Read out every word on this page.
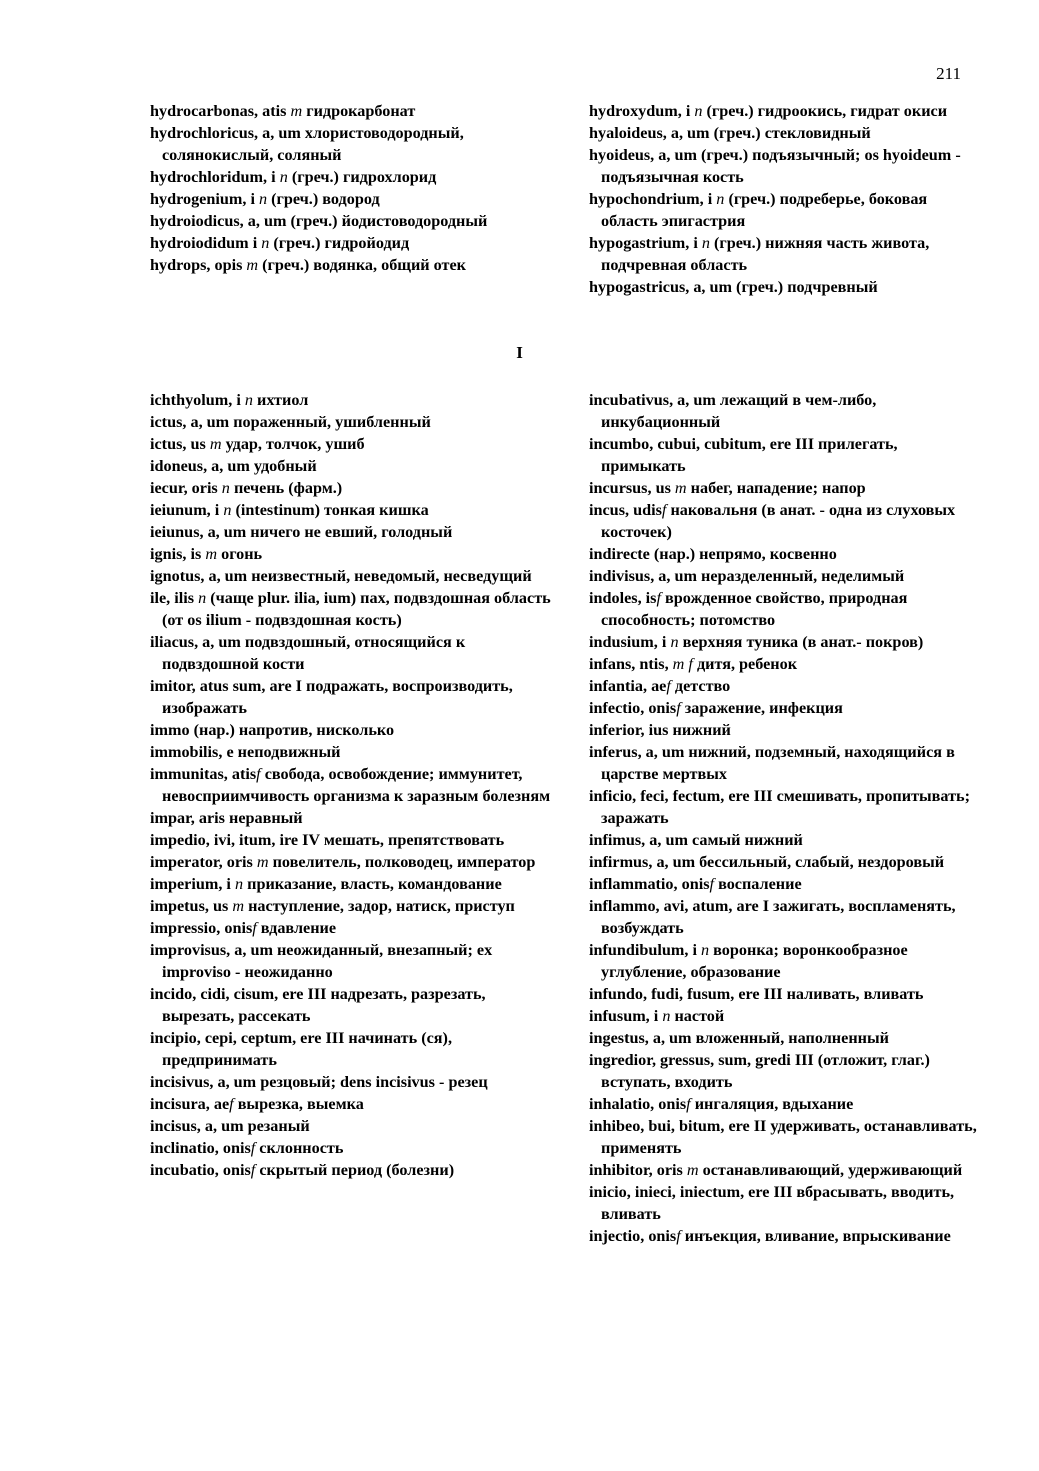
211

hydrocarbonas, atis m гидрокарбонат

hydrochloricus, a, um хлористоводородный, солянокислый, соляный

hydrochloridum, i n (греч.) гидрохлорид

hydrogenium, i n (греч.) водород

hydroiodicus, a, um (греч.) йодистоводородный

hydroiodidum i n (греч.) гидройодид

hydrops, opis m (греч.) водянка, общий отек

hydroxydum, i n (греч.) гидроокись, гидрат окиси

hyaloideus, a, um (греч.) стекловидный

hyoideus, a, um (греч.) подъязычный; os hyoideum - подъязычная кость

hypochondrium, i n (греч.) подреберье, боковая область эпигастрия

hypogastrium, i n (греч.) нижняя часть живота, подчревная область

hypogastricus, a, um (греч.) подчревный

I

ichthyolum, i n ихтиол

ictus, a, um пораженный, ушибленный

ictus, us m удар, толчок, ушиб

idoneus, a, um удобный

iecur, oris n печень (фарм.)

ieiunum, i n (intestinum) тонкая кишка

ieiunus, a, um ничего не евший, голодный

ignis, is m огонь

ignotus, a, um неизвестный, неведомый, несведущий

ile, ilis n (чаще plur. ilia, ium) пах, подвздошная область (от os ilium - подвздошная кость)

iliacus, a, um подвздошный, относящийся к подвздошной кости

imitor, atus sum, are I подражать, воспроизводить, изображать

immo (нар.) напротив, нисколько

immobilis, e неподвижный

immunitas, atisf свобода, освобождение; иммунитет, невосприимчивость организма к заразным болезням

impar, aris неравный

impedio, ivi, itum, ire IV мешать, препятствовать

imperator, oris m повелитель, полководец, император

imperium, i n приказание, власть, командование

impetus, us m наступление, задор, натиск, приступ

impressio, onisf вдавление

improvisus, a, um неожиданный, внезапный; ex improviso - неожиданно

incido, cidi, cisum, ere III надрезать, разрезать, вырезать, рассекать

incipio, cepi, ceptum, ere III начинать (ся), предпринимать

incisivus, a, um резцовый; dens incisivus - резец

incisura, aef вырезка, выемка

incisus, a, um резаный

inclinatio, onisf склонность

incubatio, onisf скрытый период (болезни)

incubativus, a, um лежащий в чем-либо, инкубационный

incumbo, cubui, cubitum, ere III прилегать, примыкать

incursus, us m набег, нападение; напор

incus, udisf наковальня (в анат. - одна из слуховых косточек)

indirecte (нар.) непрямо, косвенно

indivisus, a, um неразделенный, неделимый

indoles, isf врожденное свойство, природная способность; потомство

indusium, i n верхняя туника (в анат.- покров)

infans, ntis, m f дитя, ребенок

infantia, aef детство

infectio, onisf заражение, инфекция

inferior, ius нижний

inferus, a, um нижний, подземный, находящийся в царстве мертвых

inficio, feci, fectum, ere III смешивать, пропитывать; заражать

infimus, a, um самый нижний

infirmus, a, um бессильный, слабый, нездоровый

inflammatio, onisf воспаление

inflammo, avi, atum, are I зажигать, воспламенять, возбуждать

infundibulum, i n воронка; воронкообразное углубление, образование

infundo, fudi, fusum, ere III наливать, вливать

infusum, i n настой

ingestus, a, um вложенный, наполненный

ingredior, gressus, sum, gredi III (отложит, глаг.) вступать, входить

inhalatio, onisf ингаляция, вдыхание

inhibeo, bui, bitum, ere II удерживать, останавливать, применять

inhibitor, oris m останавливающий, удерживающий

inicio, inieci, iniectum, ere III вбрасывать, вводить, вливать

injectio, onisf инъекция, вливание, впрыскивание
